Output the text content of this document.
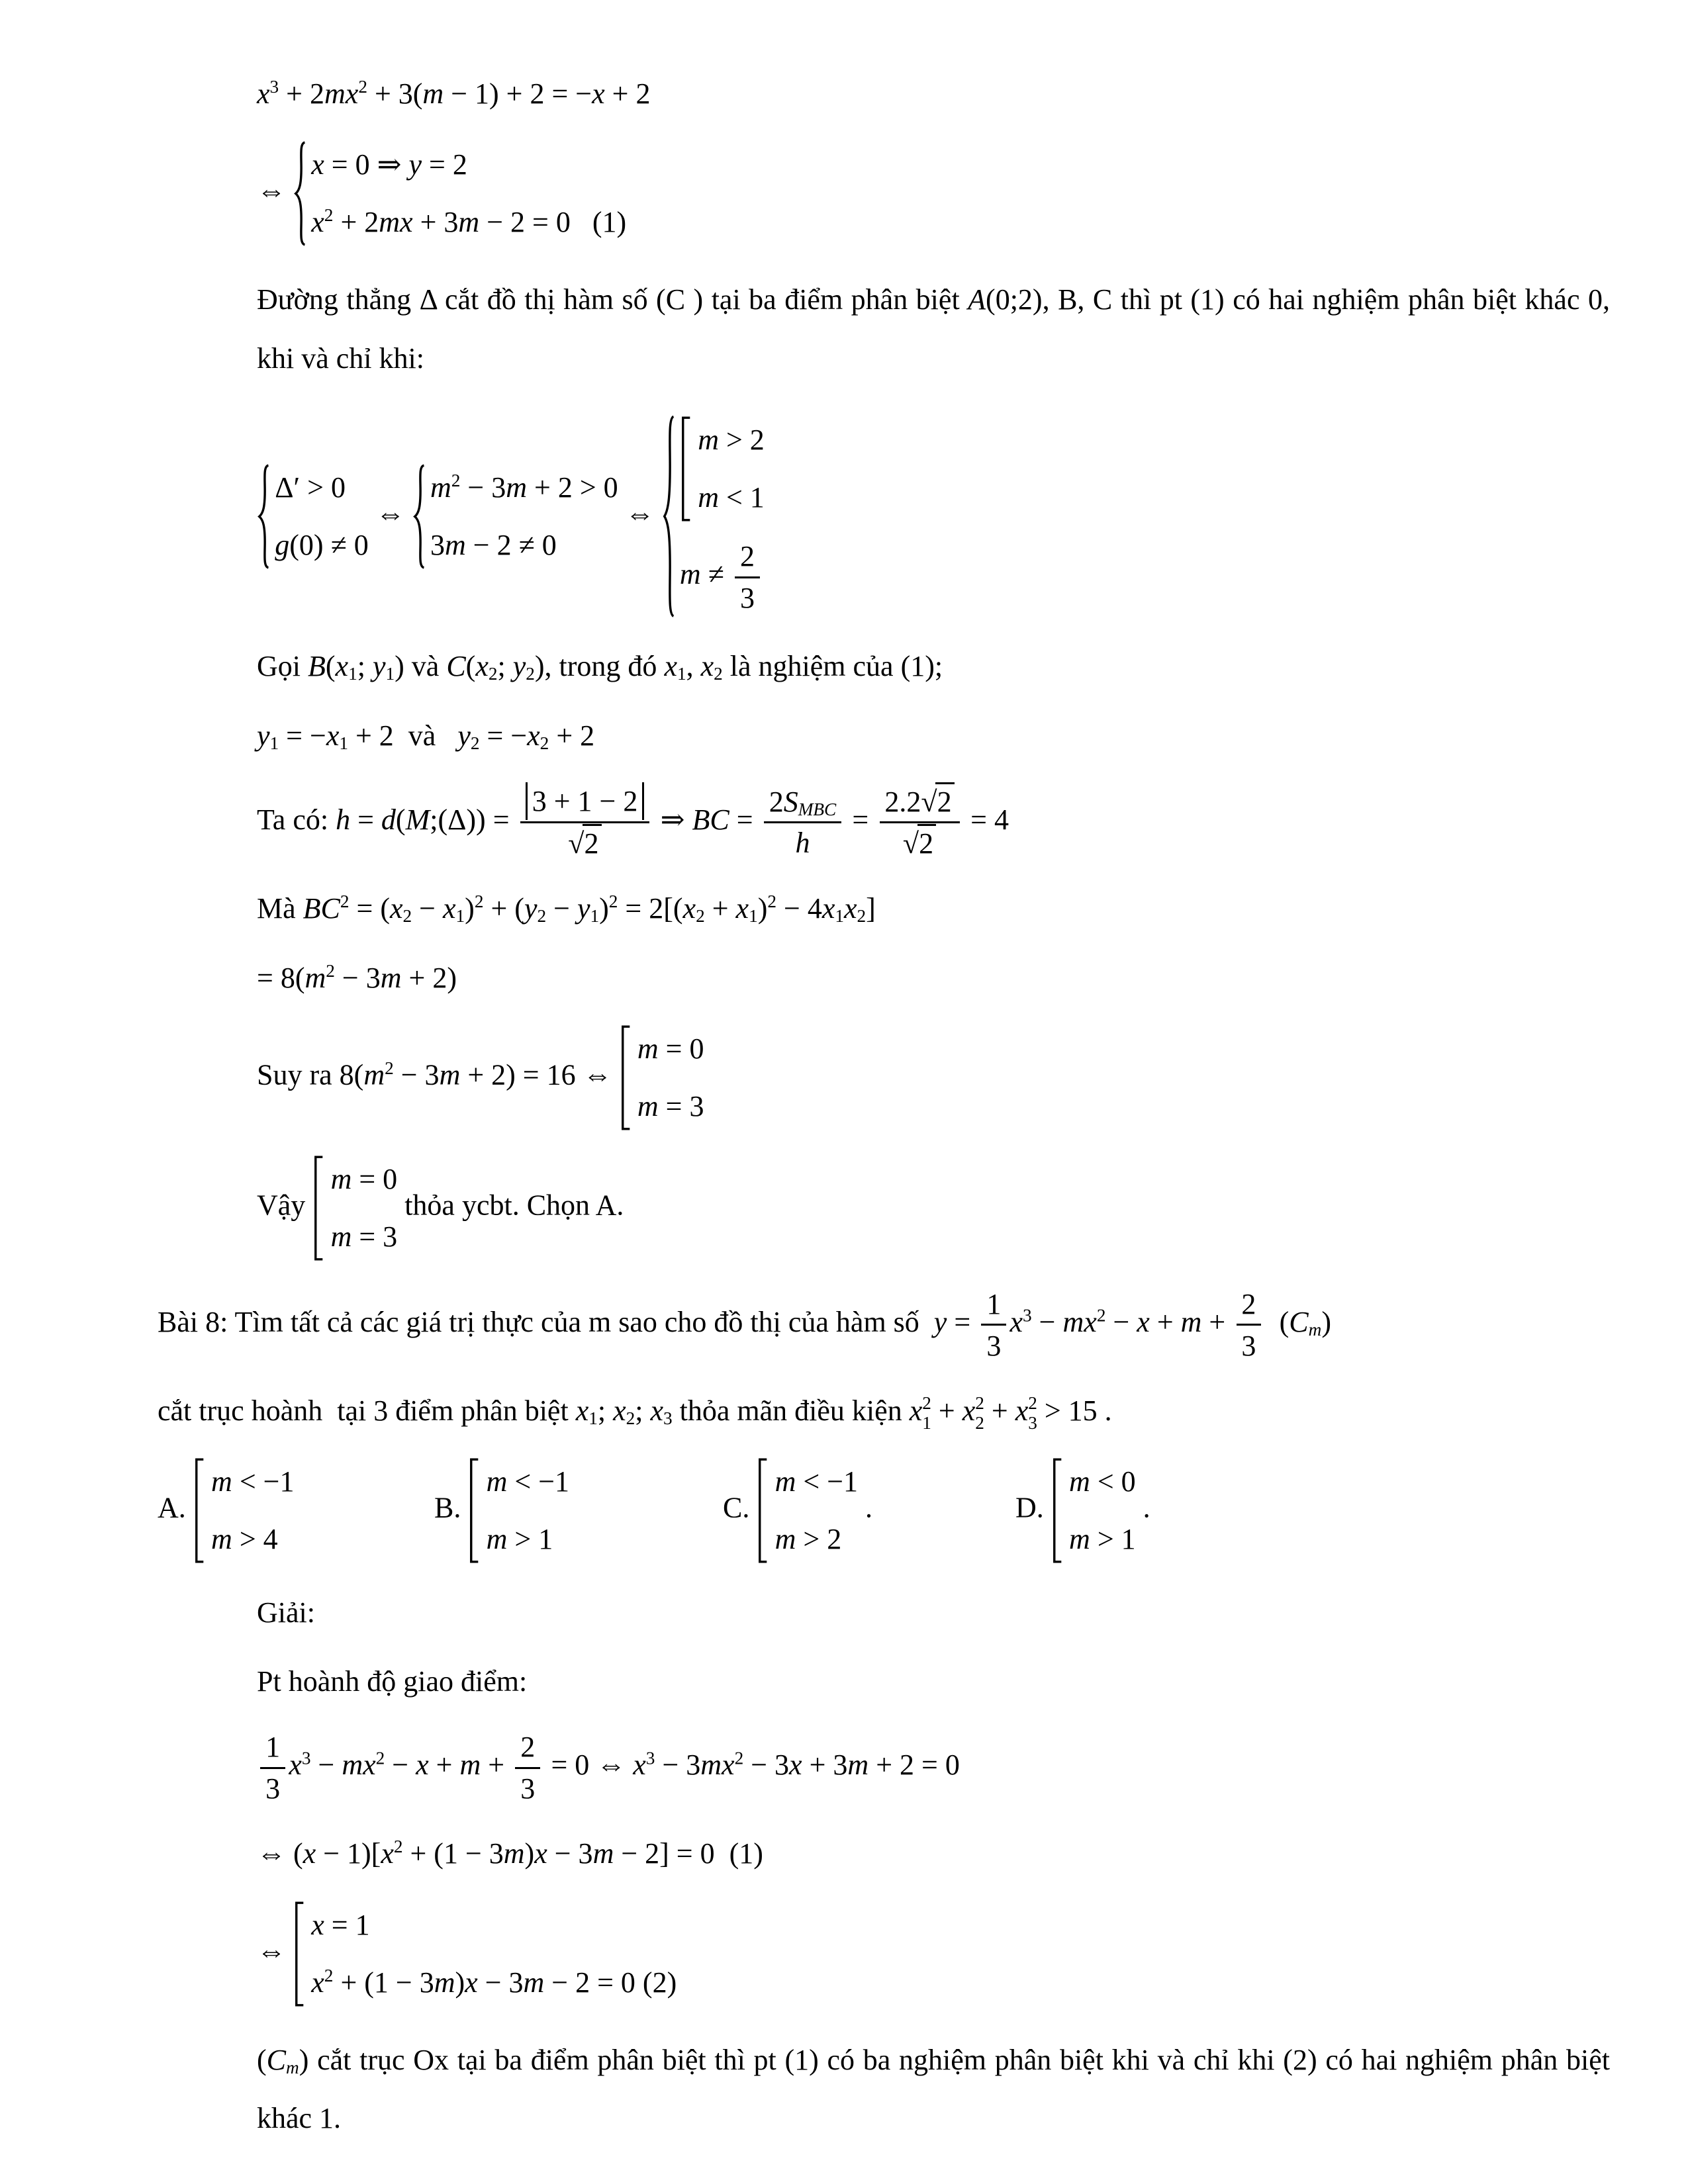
$x^3 + 2mx^2 + 3(m - 1) + 2 = -x + 2$
⇔
x = 0 ⇒ y = 2
$x^2 + 2mx + 3m - 2 = 0$   (1)
Đường thẳng Δ cắt đồ thị hàm số (C ) tại ba điểm phân biệt A(0;2), B, C thì pt (1) có hai nghiệm phân biệt khác 0, khi và chỉ khi:
Δ′ > 0
g(0) ≠ 0
⇔
$m^2 - 3m + 2 > 0$
3m − 2 ≠ 0
⇔
m > 2
m < 1
$m \ne \frac{2}{3}$
Gọi $B(x_1$; $y_1$) và $C(x_2$; $y_2$), trong đó $x_1$, $x_2$ là nghiệm của (1);
$y_1 = -x_1 + 2$  và   $y_2 = -x_2 + 2$
Ta có: h = d(M;(Δ)) = $\frac{3 + 1 - 2}{√2}$ ⇒ BC = $\frac{2S_{MBC}}{h} = \frac{2.2√2}{√2} = 4$
Mà $BC^2 = (x_2 - x_1)^2 + (y_2 - y_1)^2 = 2[(x_2 + x_1)^2 - 4x_1x_2]$
= $8(m^2 - 3m + 2)$
Suy ra $8(m^2 - 3m + 2) = 16$ ⇔
m = 0
m = 3
Vậy
m = 0
m = 3
thỏa ycbt. Chọn A.
Bài 8: Tìm tất cả các giá trị thực của m sao cho đồ thị của hàm số  $y = \frac{1}{3} x^3 - mx^2 - x + m + \frac{2}{3} (C_m)$
cắt trục hoành  tại 3 điểm phân biệt $x_1$; $x_2$; $x_3$ thỏa mãn điều kiện x 2
1 + x 2
2 + x 2
3 > 15 .
A.
m < −1
m > 4
B.
m < −1
m > 1
C.
m < −1
m > 2
.	D.
m < 0
m > 1
.
Giải:
Pt hoành độ giao điểm:
$\frac{1}{3} x^3 - mx^2 - x + m + \frac{2}{3} = 0$ ⇔ $x^3 - 3mx^2 - 3x + 3m + 2 = 0$
⇔ $(x - 1)[x^2 + (1 - 3m)x - 3m - 2] = 0$  (1)
⇔
x = 1
$x^2 + (1 - 3m)x - 3m - 2 = 0$ (2)
$(C_m)$ cắt trục Ox tại ba điểm phân biệt thì pt (1) có ba nghiệm phân biệt khi và chỉ khi (2) có hai nghiệm phân biệt khác 1.
